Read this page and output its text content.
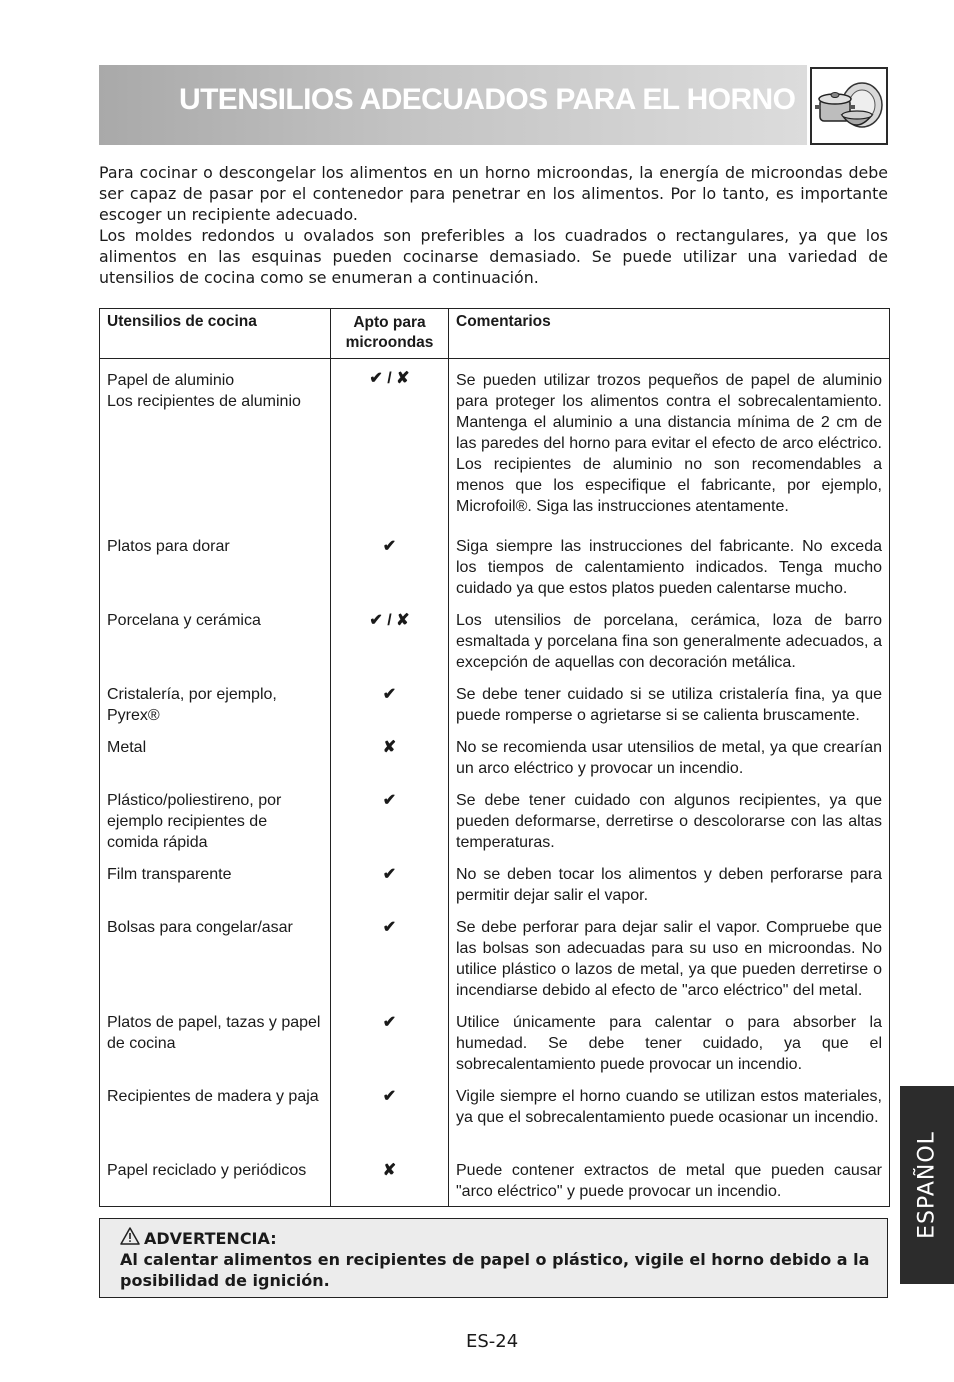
UTENSILIOS ADECUADOS PARA EL HORNO

Para cocinar o descongelar los alimentos en un horno microondas, la energía de microondas debe ser capaz de pasar por el contenedor para penetrar en los alimentos. Por lo tanto, es importante escoger un recipiente adecuado.

Los moldes redondos u ovalados son preferibles a los cuadrados o rectangulares, ya que los alimentos en las esquinas pueden cocinarse demasiado. Se puede utilizar una variedad de utensilios de cocina como se enumeran a continuación.

Utensilios de cocina	Apto para microondas	Comentarios
Papel de aluminio
Los recipientes de aluminio	✔ / ✘	Se pueden utilizar trozos pequeños de papel de aluminio para proteger los alimentos contra el sobrecalentamiento. Mantenga el aluminio a una distancia mínima de 2 cm de las paredes del horno para evitar el efecto de arco eléctrico. Los recipientes de aluminio no son recomendables a menos que los especifique el fabricante, por ejemplo, Microfoil®. Siga las instrucciones atentamente.
Platos para dorar	✔	Siga siempre las instrucciones del fabricante. No exceda los tiempos de calentamiento indicados. Tenga mucho cuidado ya que estos platos pueden calentarse mucho.
Porcelana y cerámica	✔ / ✘	Los utensilios de porcelana, cerámica, loza de barro esmaltada y porcelana fina son generalmente adecuados, a excepción de aquellas con decoración metálica.
Cristalería, por ejemplo, Pyrex®	✔	Se debe tener cuidado si se utiliza cristalería fina, ya que puede romperse o agrietarse si se calienta bruscamente.
Metal	✘	No se recomienda usar utensilios de metal, ya que crearían un arco eléctrico y provocar un incendio.
Plástico/poliestireno, por ejemplo recipientes de comida rápida	✔	Se debe tener cuidado con algunos recipientes, ya que pueden deformarse, derretirse o descolorarse con las altas temperaturas.
Film transparente	✔	No se deben tocar los alimentos y deben perforarse para permitir dejar salir el vapor.
Bolsas para congelar/asar	✔	Se debe perforar para dejar salir el vapor. Compruebe que las bolsas son adecuadas para su uso en microondas. No utilice plástico o lazos de metal, ya que pueden derretirse o incendiarse debido al efecto de "arco eléctrico" del metal.
Platos de papel, tazas y papel de cocina	✔	Utilice únicamente para calentar o para absorber la humedad. Se debe tener cuidado, ya que el sobrecalentamiento puede provocar un incendio.
Recipientes de madera y paja	✔	Vigile siempre el horno cuando se utilizan estos materiales, ya que el sobrecalentamiento puede ocasionar un incendio.
Papel reciclado y periódicos	✘	Puede contener extractos de metal que pueden causar "arco eléctrico" y puede provocar un incendio.
ADVERTENCIA:
Al calentar alimentos en recipientes de papel o plástico, vigile el horno debido a la posibilidad de ignición.
ES-24
ESPAÑOL
